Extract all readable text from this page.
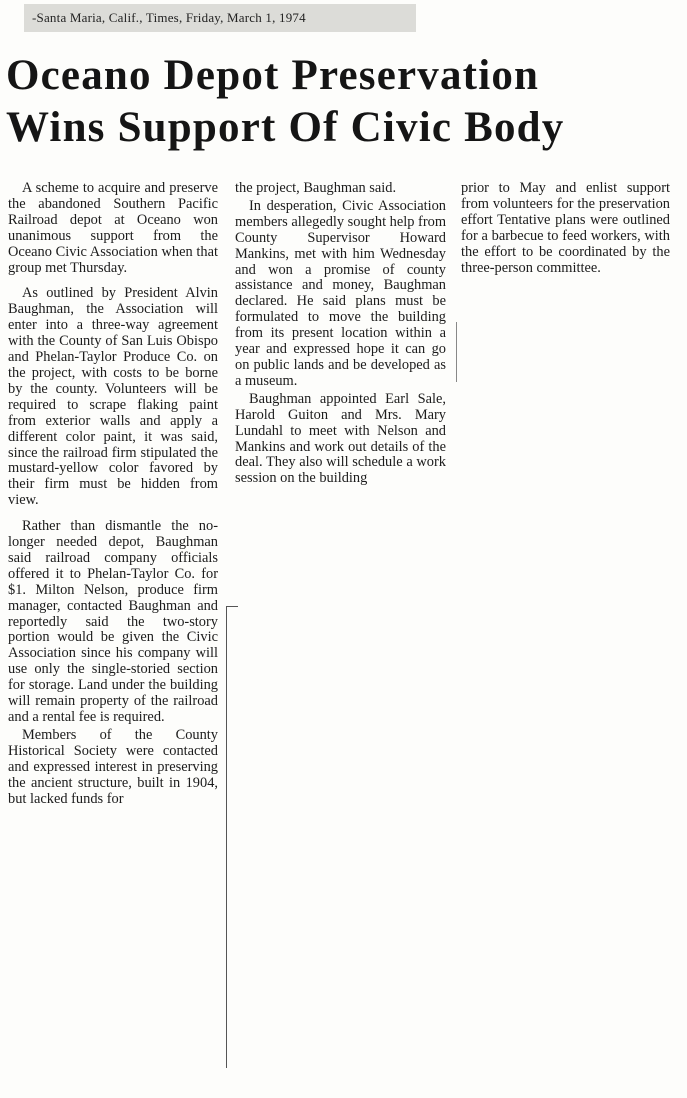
-Santa Maria, Calif., Times, Friday, March 1, 1974
Oceano Depot Preservation
Wins Support Of Civic Body

A scheme to acquire and preserve the abandoned Southern Pacific Railroad depot at Oceano won unanimous support from the Oceano Civic Association when that group met Thursday.

As outlined by President Alvin Baughman, the Association will enter into a three-way agreement with the County of San Luis Obispo and Phelan-Taylor Produce Co. on the project, with costs to be borne by the county. Volunteers will be required to scrape flaking paint from exterior walls and apply a different color paint, it was said, since the railroad firm stipulated the mustard-yellow color favored by their firm must be hidden from view.

Rather than dismantle the no-longer needed depot, Baughman said railroad company officials offered it to Phelan-Taylor Co. for $1. Milton Nelson, produce firm manager, contacted Baughman and reportedly said the two-story portion would be given the Civic Association since his company will use only the single-storied section for storage. Land under the building will remain property of the railroad and a rental fee is required.

Members of the County Historical Society were contacted and expressed interest in preserving the ancient structure, built in 1904, but lacked funds for

the project, Baughman said.

In desperation, Civic Association members allegedly sought help from County Supervisor Howard Mankins, met with him Wednesday and won a promise of county assistance and money, Baughman declared. He said plans must be formulated to move the building from its present location within a year and expressed hope it can go on public lands and be developed as a museum.

Baughman appointed Earl Sale, Harold Guiton and Mrs. Mary Lundahl to meet with Nelson and Mankins and work out details of the deal. They also will schedule a work session on the building

prior to May and enlist support from volunteers for the preservation effort Tentative plans were outlined for a barbecue to feed workers, with the effort to be coordinated by the three-person committee.
